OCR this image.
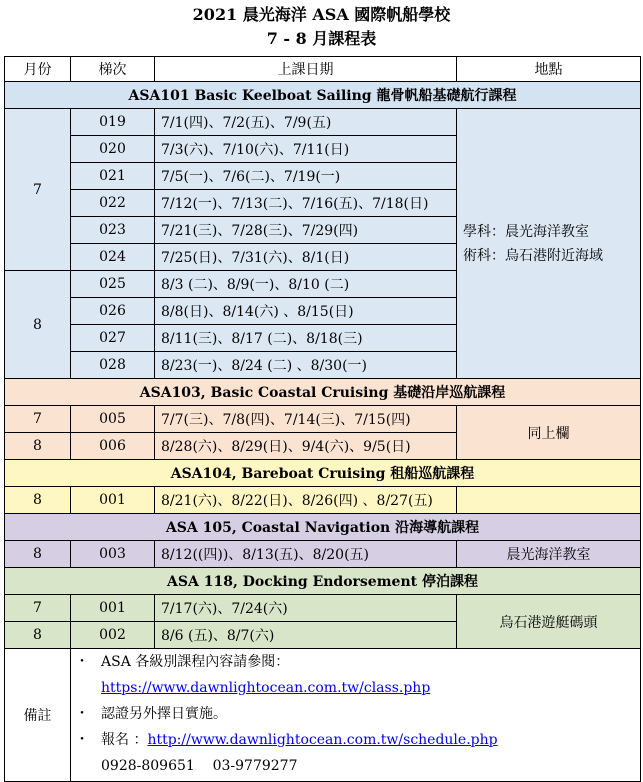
2021 晨光海洋 ASA 國際帆船學校
7 - 8 月課程表
月份	梯次	上課日期	地點
ASA101 Basic Keelboat Sailing 龍骨帆船基礎航行課程			
7	019	7/1(四)、7/2(五)、7/9(五)	學科：晨光海洋教室
術科：烏石港附近海域

	020	7/3(六)、7/10(六)、7/11(日)	
	021	7/5(一)、7/6(二)、7/19(一)	
	022	7/12(一)、7/13(二)、7/16(五)、7/18(日)	
	023	7/21(三)、7/28(三)、7/29(四)	
	024	7/25(日)、7/31(六)、8/1(日)	
8	025	8/3 (二)、8/9(一)、8/10 (二)	
	026	8/8(日)、8/14(六) 、8/15(日)	
	027	8/11(三)、8/17 (二)、8/18(三)	
	028	8/23(一)、8/24 (二) 、8/30(一)	
ASA103, Basic Coastal Cruising 基礎沿岸巡航課程			
7	005	7/7(三)、7/8(四)、7/14(三)、7/15(四)	同上欄
8	006	8/28(六)、8/29(日)、9/4(六)、9/5(日)	
ASA104, Bareboat Cruising 租船巡航課程			
8	001	8/21(六)、8/22(日)、8/26(四) 、8/27(五)	
ASA 105, Coastal Navigation 沿海導航課程			
8	003	8/12((四))、8/13(五)、8/20(五)	晨光海洋教室
ASA 118, Docking Endorsement 停泊課程			
7	001	7/17(六)、7/24(六)	烏石港遊艇碼頭
8	002	8/6 (五)、8/7(六)	
備註	・ ASA 各級別課程內容請參閱：
https://www.dawnlightocean.com.tw/class.php
・ 認證另外擇日實施。
・ 報名 ：http://www.dawnlightocean.com.tw/schedule.php
0928-809651    03-9779277		
